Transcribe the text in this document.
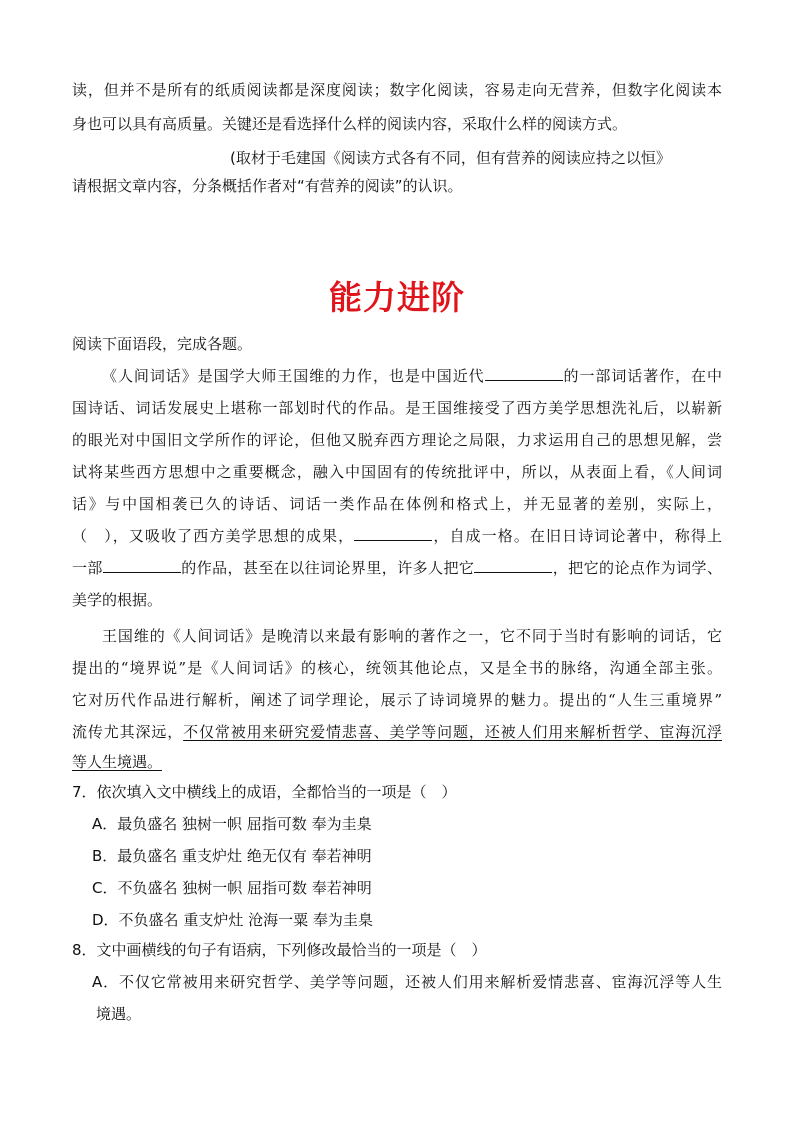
读，但并不是所有的纸质阅读都是深度阅读；数字化阅读，容易走向无营养，但数字化阅读本
身也可以具有高质量。关键还是看选择什么样的阅读内容，采取什么样的阅读方式。
(取材于毛建国《阅读方式各有不同，但有营养的阅读应持之以恒》
请根据文章内容，分条概括作者对“有营养的阅读”的认识。
能力进阶
阅读下面语段，完成各题。
《人间词话》是国学大师王国维的力作，也是中国近代	的一部词话著作，在中
国诗话、词话发展史上堪称一部划时代的作品。是王国维接受了西方美学思想洗礼后，以崭新
的眼光对中国旧文学所作的评论，但他又脱弃西方理论之局限，力求运用自己的思想见解，尝
试将某些西方思想中之重要概念，融入中国固有的传统批评中，所以，从表面上看，《人间词
话》与中国相袭已久的诗话、词话一类作品在体例和格式上，并无显著的差别，实际上，
（　），又吸收了西方美学思想的成果，	，自成一格。在旧日诗词论著中，称得上
一部	的作品，甚至在以往词论界里，许多人把它	，把它的论点作为词学、
美学的根据。
王国维的《人间词话》是晚清以来最有影响的著作之一，它不同于当时有影响的词话，它
提出的“境界说”是《人间词话》的核心，统领其他论点，又是全书的脉络，沟通全部主张。
它对历代作品进行解析，阐述了词学理论，展示了诗词境界的魅力。提出的“人生三重境界”
流传尤其深远，不仅常被用来研究爱情悲喜、美学等问题，还被人们用来解析哲学、宦海沉浮
等人生境遇。
7．依次填入文中横线上的成语，全都恰当的一项是（　）
A．最负盛名 独树一帜 屈指可数 奉为圭臬
B．最负盛名 重支炉灶 绝无仅有 奉若神明
C．不负盛名 独树一帜 屈指可数 奉若神明
D．不负盛名 重支炉灶 沧海一粟 奉为圭臬
8．文中画横线的句子有语病，下列修改最恰当的一项是（　）
A．不仅它常被用来研究哲学、美学等问题，还被人们用来解析爱情悲喜、宦海沉浮等人生
境遇。
